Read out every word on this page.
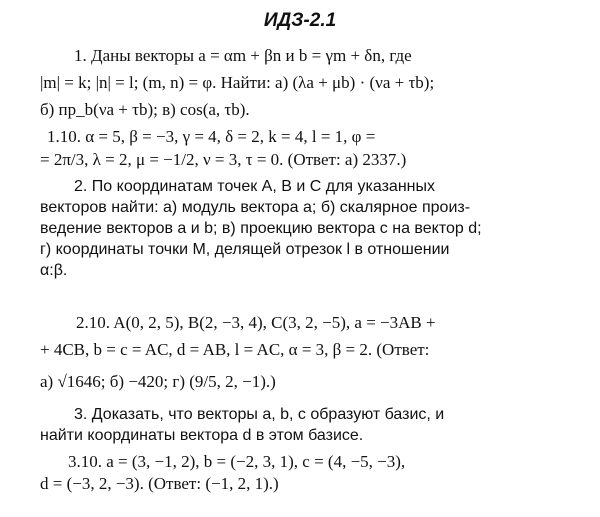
ИДЗ-2.1
1. Даны векторы a = αm + βn и b = γm + δn, где
|m| = k; |n| = l; (m, n) = φ. Найти: а) (λa + μb) · (νa + τb);
б) пр_b(νa + τb); в) cos(a, τb).
1.10. α = 5, β = −3, γ = 4, δ = 2, k = 4, l = 1, φ =
= 2π/3, λ = 2, μ = −1/2, ν = 3, τ = 0. (Ответ: а) 2337.)
2. По координатам точек A, B и C для указанных
векторов найти: а) модуль вектора a; б) скалярное произ-
ведение векторов a и b; в) проекцию вектора c на вектор d;
г) координаты точки M, делящей отрезок l в отношении
α:β.
2.10. A(0, 2, 5), B(2, −3, 4), C(3, 2, −5), a = −3AB +
+ 4CB, b = c = AC, d = AB, l = AC, α = 3, β = 2. (Ответ:
а) √1646; б) −420; г) (9/5, 2, −1).)
3. Доказать, что векторы a, b, c образуют базис, и
найти координаты вектора d в этом базисе.
3.10. a = (3, −1, 2), b = (−2, 3, 1), c = (4, −5, −3),
d = (−3, 2, −3). (Ответ: (−1, 2, 1).)
